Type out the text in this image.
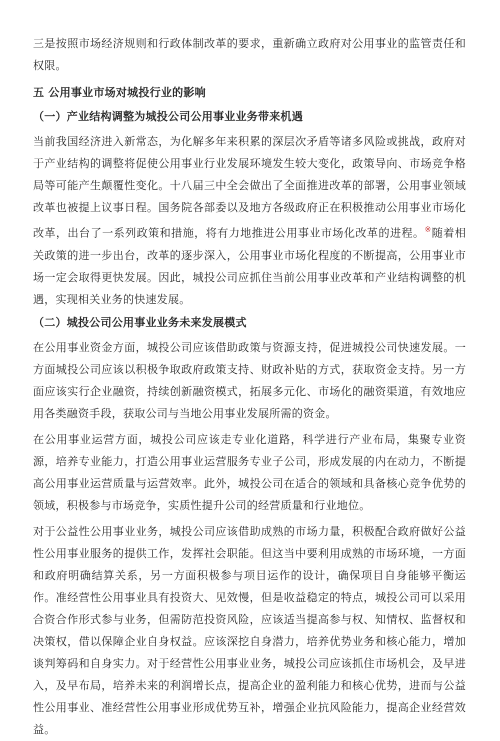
三是按照市场经济规则和行政体制改革的要求，重新确立政府对公用事业的监管责任和权限。

五 公用事业市场对城投行业的影响

（一）产业结构调整为城投公司公用事业业务带来机遇

当前我国经济进入新常态，为化解多年来积累的深层次矛盾等诸多风险或挑战，政府对于产业结构的调整将促使公用事业行业发展环境发生较大变化，政策导向、市场竞争格局等可能产生颠覆性变化。十八届三中全会做出了全面推进改革的部署，公用事业领域改革也被提上议事日程。国务院各部委以及地方各级政府正在积极推动公用事业市场化改革，出台了一系列政策和措施，将有力地推进公用事业市场化改革的进程。※随着相关政策的进一步出台，改革的逐步深入，公用事业市场化程度的不断提高，公用事业市场一定会取得更快发展。因此，城投公司应抓住当前公用事业改革和产业结构调整的机遇，实现相关业务的快速发展。

（二）城投公司公用事业业务未来发展模式

在公用事业资金方面，城投公司应该借助政策与资源支持，促进城投公司快速发展。一方面城投公司应该以积极争取政府政策支持、财政补贴的方式，获取资金支持。另一方面应该实行企业融资，持续创新融资模式，拓展多元化、市场化的融资渠道，有效地应用各类融资手段，获取公司与当地公用事业发展所需的资金。

在公用事业运营方面，城投公司应该走专业化道路，科学进行产业布局，集聚专业资源，培养专业能力，打造公用事业运营服务专业子公司，形成发展的内在动力，不断提高公用事业运营质量与运营效率。此外，城投公司在适合的领域和具备核心竞争优势的领域，积极参与市场竞争，实质性提升公司的经营质量和行业地位。

对于公益性公用事业业务，城投公司应该借助成熟的市场力量，积极配合政府做好公益性公用事业服务的提供工作，发挥社会职能。但这当中要利用成熟的市场环境，一方面和政府明确结算关系，另一方面积极参与项目运作的设计，确保项目自身能够平衡运作。准经营性公用事业具有投资大、见效慢，但是收益稳定的特点，城投公司可以采用合资合作形式参与业务，但需防范投资风险，应该适当提高参与权、知情权、监督权和决策权，借以保障企业自身权益。应该深挖自身潜力，培养优势业务和核心能力，增加谈判筹码和自身实力。对于经营性公用事业业务，城投公司应该抓住市场机会，及早进入，及早布局，培养未来的利润增长点，提高企业的盈利能力和核心优势，进而与公益性公用事业、准经营性公用事业形成优势互补，增强企业抗风险能力，提高企业经营效益。
